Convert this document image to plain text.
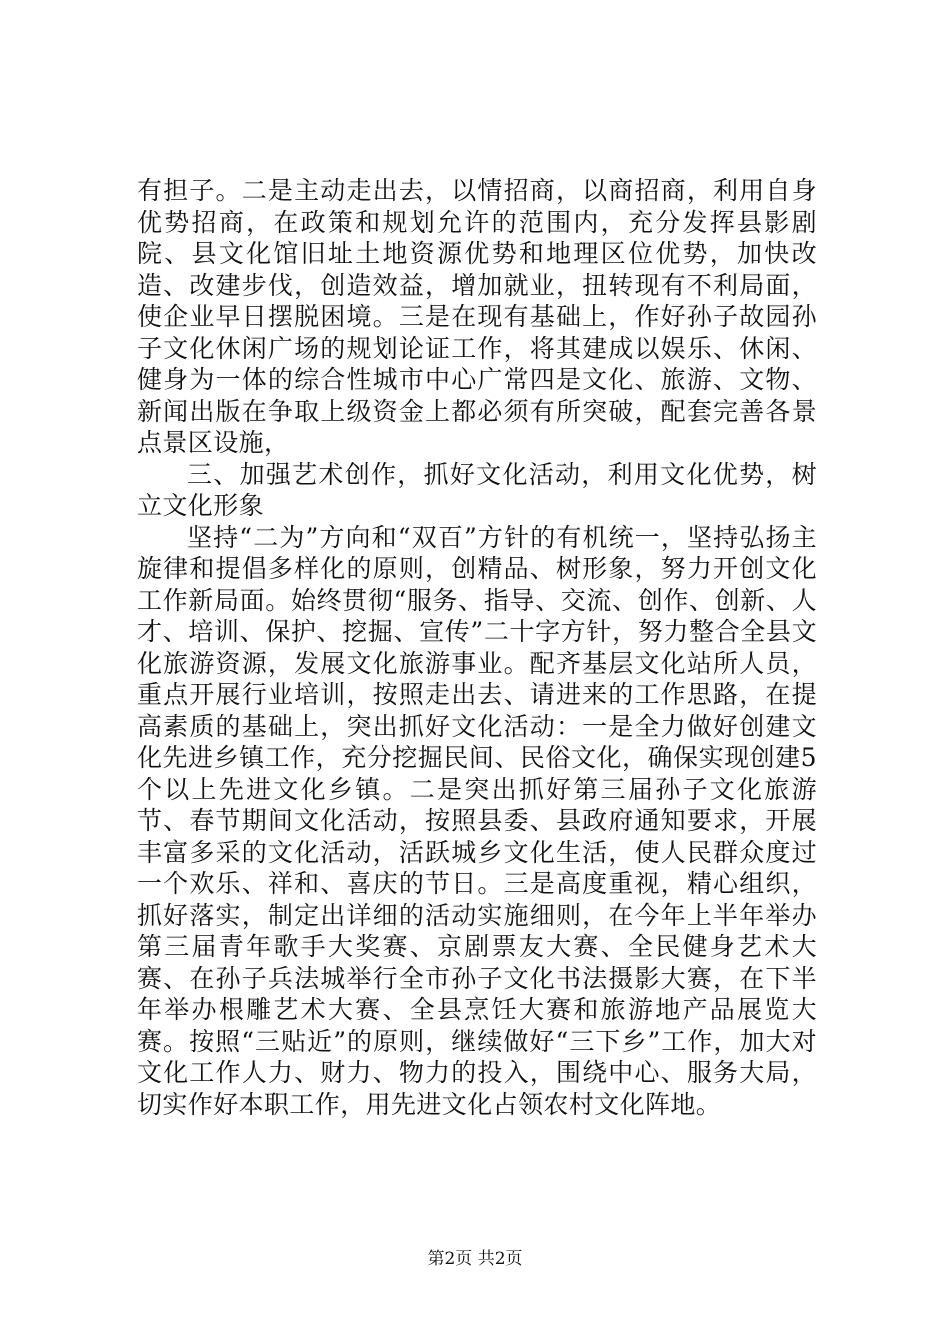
有担子。二是主动走出去，以情招商，以商招商，利用自身优势招商，在政策和规划允许的范围内，充分发挥县影剧院、县文化馆旧址土地资源优势和地理区位优势，加快改造、改建步伐，创造效益，增加就业，扭转现有不利局面，使企业早日摆脱困境。三是在现有基础上，作好孙子故园孙子文化休闲广场的规划论证工作，将其建成以娱乐、休闲、健身为一体的综合性城市中心广常四是文化、旅游、文物、新闻出版在争取上级资金上都必须有所突破，配套完善各景点景区设施，

三、加强艺术创作，抓好文化活动，利用文化优势，树立文化形象

坚持“二为”方向和“双百”方针的有机统一，坚持弘扬主旋律和提倡多样化的原则，创精品、树形象，努力开创文化工作新局面。始终贯彻“服务、指导、交流、创作、创新、人才、培训、保护、挖掘、宣传”二十字方针，努力整合全县文化旅游资源，发展文化旅游事业。配齐基层文化站所人员，重点开展行业培训，按照走出去、请进来的工作思路，在提高素质的基础上，突出抓好文化活动：一是全力做好创建文化先进乡镇工作，充分挖掘民间、民俗文化，确保实现创建5个以上先进文化乡镇。二是突出抓好第三届孙子文化旅游节、春节期间文化活动，按照县委、县政府通知要求，开展丰富多采的文化活动，活跃城乡文化生活，使人民群众度过一个欢乐、祥和、喜庆的节日。三是高度重视，精心组织，抓好落实，制定出详细的活动实施细则，在今年上半年举办第三届青年歌手大奖赛、京剧票友大赛、全民健身艺术大赛、在孙子兵法城举行全市孙子文化书法摄影大赛，在下半年举办根雕艺术大赛、全县烹饪大赛和旅游地产品展览大赛。按照“三贴近”的原则，继续做好“三下乡”工作，加大对文化工作人力、财力、物力的投入，围绕中心、服务大局，切实作好本职工作，用先进文化占领农村文化阵地。

第2页 共2页
